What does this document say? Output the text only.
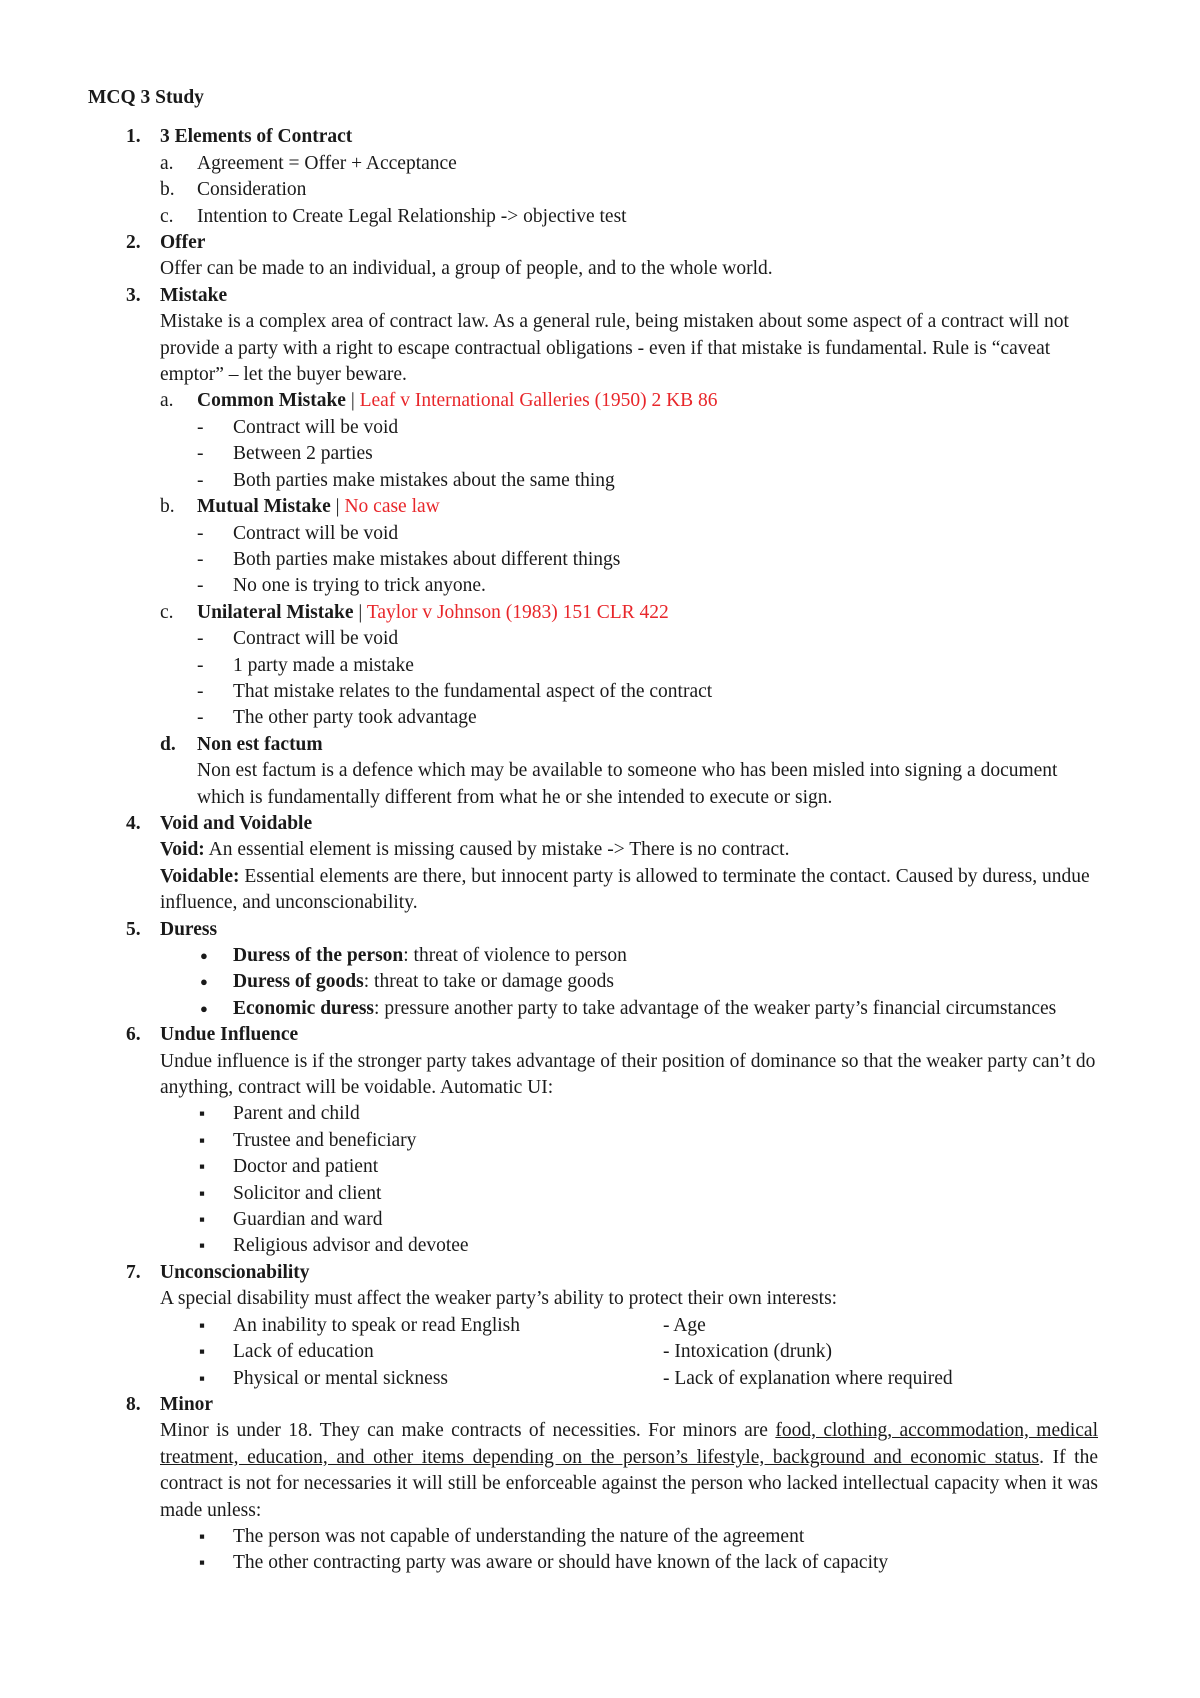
MCQ 3 Study
1. 3 Elements of Contract
a. Agreement = Offer + Acceptance
b. Consideration
c. Intention to Create Legal Relationship -> objective test
2. Offer
Offer can be made to an individual, a group of people, and to the whole world.
3. Mistake
Mistake is a complex area of contract law. As a general rule, being mistaken about some aspect of a contract will not provide a party with a right to escape contractual obligations - even if that mistake is fundamental. Rule is “caveat emptor” – let the buyer beware.
a. Common Mistake | Leaf v International Galleries (1950) 2 KB 86
- Contract will be void
- Between 2 parties
- Both parties make mistakes about the same thing
b. Mutual Mistake | No case law
- Contract will be void
- Both parties make mistakes about different things
- No one is trying to trick anyone.
c. Unilateral Mistake | Taylor v Johnson (1983) 151 CLR 422
- Contract will be void
- 1 party made a mistake
- That mistake relates to the fundamental aspect of the contract
- The other party took advantage
d. Non est factum
Non est factum is a defence which may be available to someone who has been misled into signing a document which is fundamentally different from what he or she intended to execute or sign.
4. Void and Voidable
Void: An essential element is missing caused by mistake -> There is no contract.
Voidable: Essential elements are there, but innocent party is allowed to terminate the contact. Caused by duress, undue influence, and unconscionability.
5. Duress
● Duress of the person: threat of violence to person
● Duress of goods: threat to take or damage goods
● Economic duress: pressure another party to take advantage of the weaker party’s financial circumstances
6. Undue Influence
Undue influence is if the stronger party takes advantage of their position of dominance so that the weaker party can’t do anything, contract will be voidable. Automatic UI:
▪ Parent and child
▪ Trustee and beneficiary
▪ Doctor and patient
▪ Solicitor and client
▪ Guardian and ward
▪ Religious advisor and devotee
7. Unconscionability
A special disability must affect the weaker party’s ability to protect their own interests:
▪ An inability to speak or read English	- Age
▪ Lack of education	- Intoxication (drunk)
▪ Physical or mental sickness	- Lack of explanation where required
8. Minor
Minor is under 18. They can make contracts of necessities. For minors are food, clothing, accommodation, medical treatment, education, and other items depending on the person’s lifestyle, background and economic status. If the contract is not for necessaries it will still be enforceable against the person who lacked intellectual capacity when it was made unless:
▪ The person was not capable of understanding the nature of the agreement
▪ The other contracting party was aware or should have known of the lack of capacity
